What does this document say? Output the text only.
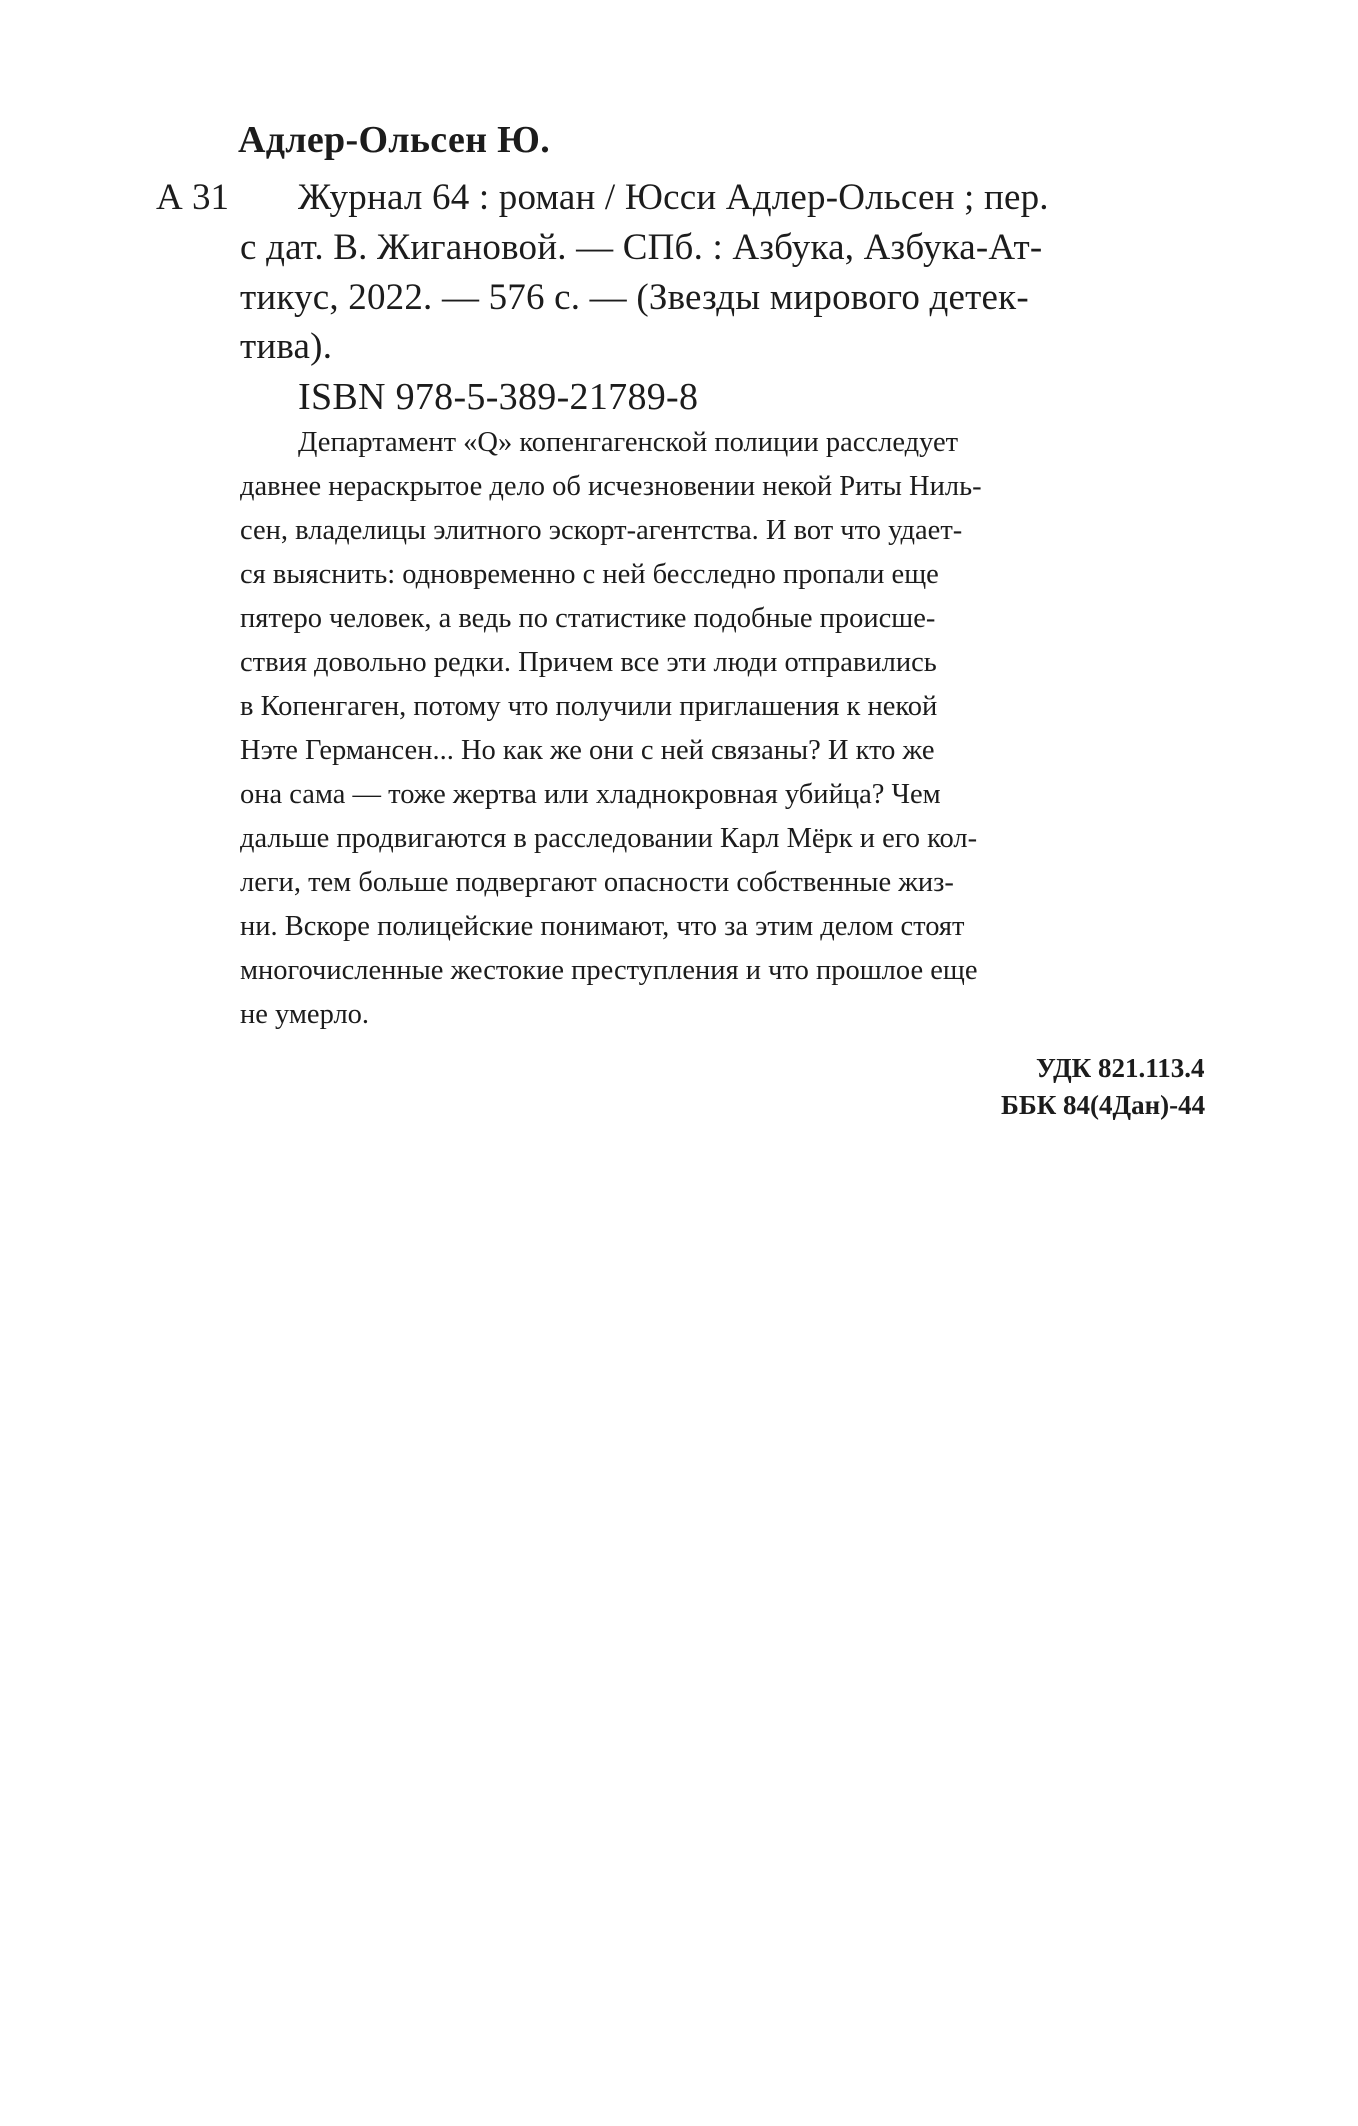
Адлер-Ольсен Ю.
А 31 Журнал 64 : роман / Юсси Адлер-Ольсен ; пер.
с дат. В. Жигановой. — СПб. : Азбука, Азбука-Ат-
тикус, 2022. — 576 с. — (Звезды мирового детек-
тива).
ISBN 978-5-389-21789-8
Департамент «Q» копенгагенской полиции расследует
давнее нераскрытое дело об исчезновении некой Риты Ниль-
сен, владелицы элитного эскорт-агентства. И вот что удает-
ся выяснить: одновременно с ней бесследно пропали еще
пятеро человек, а ведь по статистике подобные происше-
ствия довольно редки. Причем все эти люди отправились
в Копенгаген, потому что получили приглашения к некой
Нэте Германсен... Но как же они с ней связаны? И кто же
она сама — тоже жертва или хладнокровная убийца? Чем
дальше продвигаются в расследовании Карл Мёрк и его кол-
леги, тем больше подвергают опасности собственные жиз-
ни. Вскоре полицейские понимают, что за этим делом стоят
многочисленные жестокие преступления и что прошлое еще
не умерло.
УДК 821.113.4
ББК 84(4Дан)-44
